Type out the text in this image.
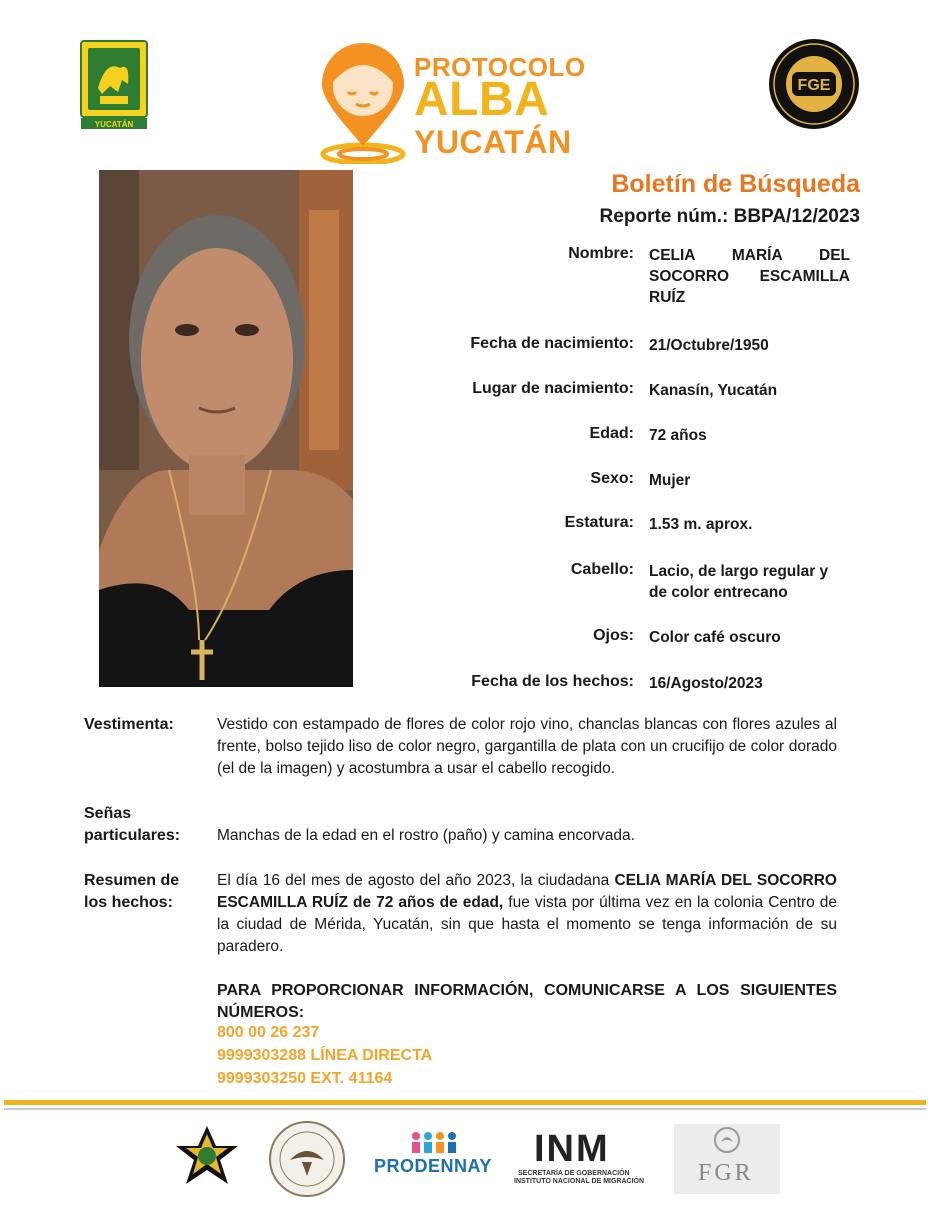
YUCATÁN
PROTOCOLO
ALBA
YUCATÁN
FGE
Boletín de Búsqueda
Reporte núm.: BBPA/12/2023
Nombre: CELIA MARÍA DEL SOCORRO ESCAMILLA RUÍZ
Fecha de nacimiento: 21/Octubre/1950
Lugar de nacimiento: Kanasín, Yucatán
Edad: 72 años
Sexo: Mujer
Estatura: 1.53 m. aprox.
Cabello: Lacio, de largo regular y de color entrecano
Ojos: Color café oscuro
Fecha de los hechos: 16/Agosto/2023
Vestimenta:	Vestido con estampado de flores de color rojo vino, chanclas blancas con flores azules al frente, bolso tejido liso de color negro, gargantilla de plata con un crucifijo de color dorado (el de la imagen) y acostumbra a usar el cabello recogido.
Señas
particulares: Manchas de la edad en el rostro (paño) y camina encorvada.
Resumen de
los hechos:
El día 16 del mes de agosto del año 2023, la ciudadana CELIA MARÍA DEL SOCORRO ESCAMILLA RUÍZ de 72 años de edad, fue vista por última vez en la colonia Centro de la ciudad de Mérida, Yucatán, sin que hasta el momento se tenga información de su paradero.
PARA PROPORCIONAR INFORMACIÓN, COMUNICARSE A LOS SIGUIENTES NÚMEROS:
800 00 26 237
9999303288 LÍNEA DIRECTA
9999303250 EXT. 41164
PRODENNAY INM
SECRETARÍA DE GOBERNACIÓN
INSTITUTO NACIONAL DE MIGRACIÓN FGR
